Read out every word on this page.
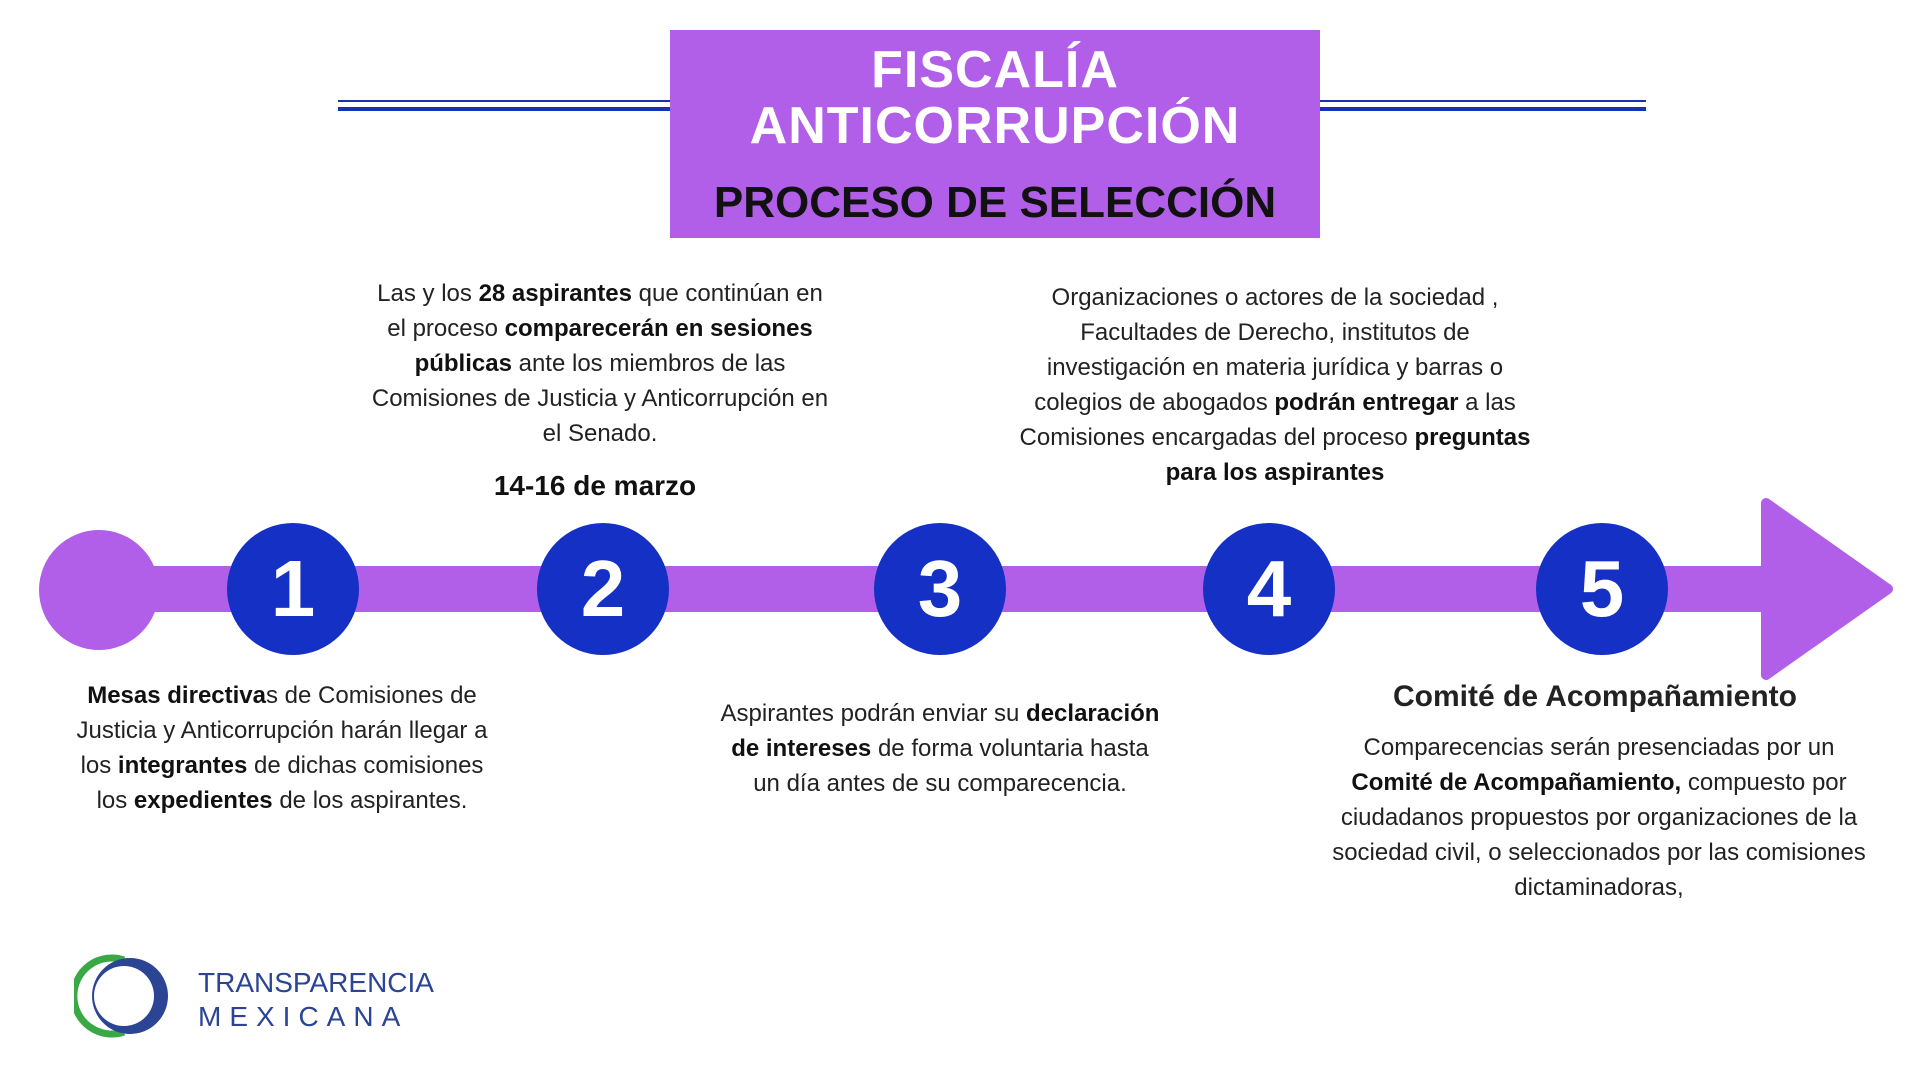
FISCALÍA
ANTICORRUPCIÓN
PROCESO DE SELECCIÓN
Las y los 28 aspirantes que continúan en el proceso comparecerán en sesiones públicas ante los miembros de las Comisiones de Justicia y Anticorrupción en el Senado.
14-16 de marzo
Organizaciones o actores de la sociedad , Facultades de Derecho, institutos de investigación en materia jurídica y barras o colegios de abogados podrán entregar a las Comisiones encargadas del proceso preguntas para los aspirantes
1	2	3	4	5
Mesas directivas de Comisiones de Justicia y Anticorrupción harán llegar a los integrantes de dichas comisiones los expedientes de los aspirantes.
Aspirantes podrán enviar su declaración de intereses de forma voluntaria hasta un día antes de su comparecencia.
Comité de Acompañamiento
Comparecencias serán presenciadas por un Comité de Acompañamiento, compuesto por ciudadanos propuestos por organizaciones de la sociedad civil, o seleccionados por las comisiones dictaminadoras,
TRANSPARENCIA
MEXICANA
